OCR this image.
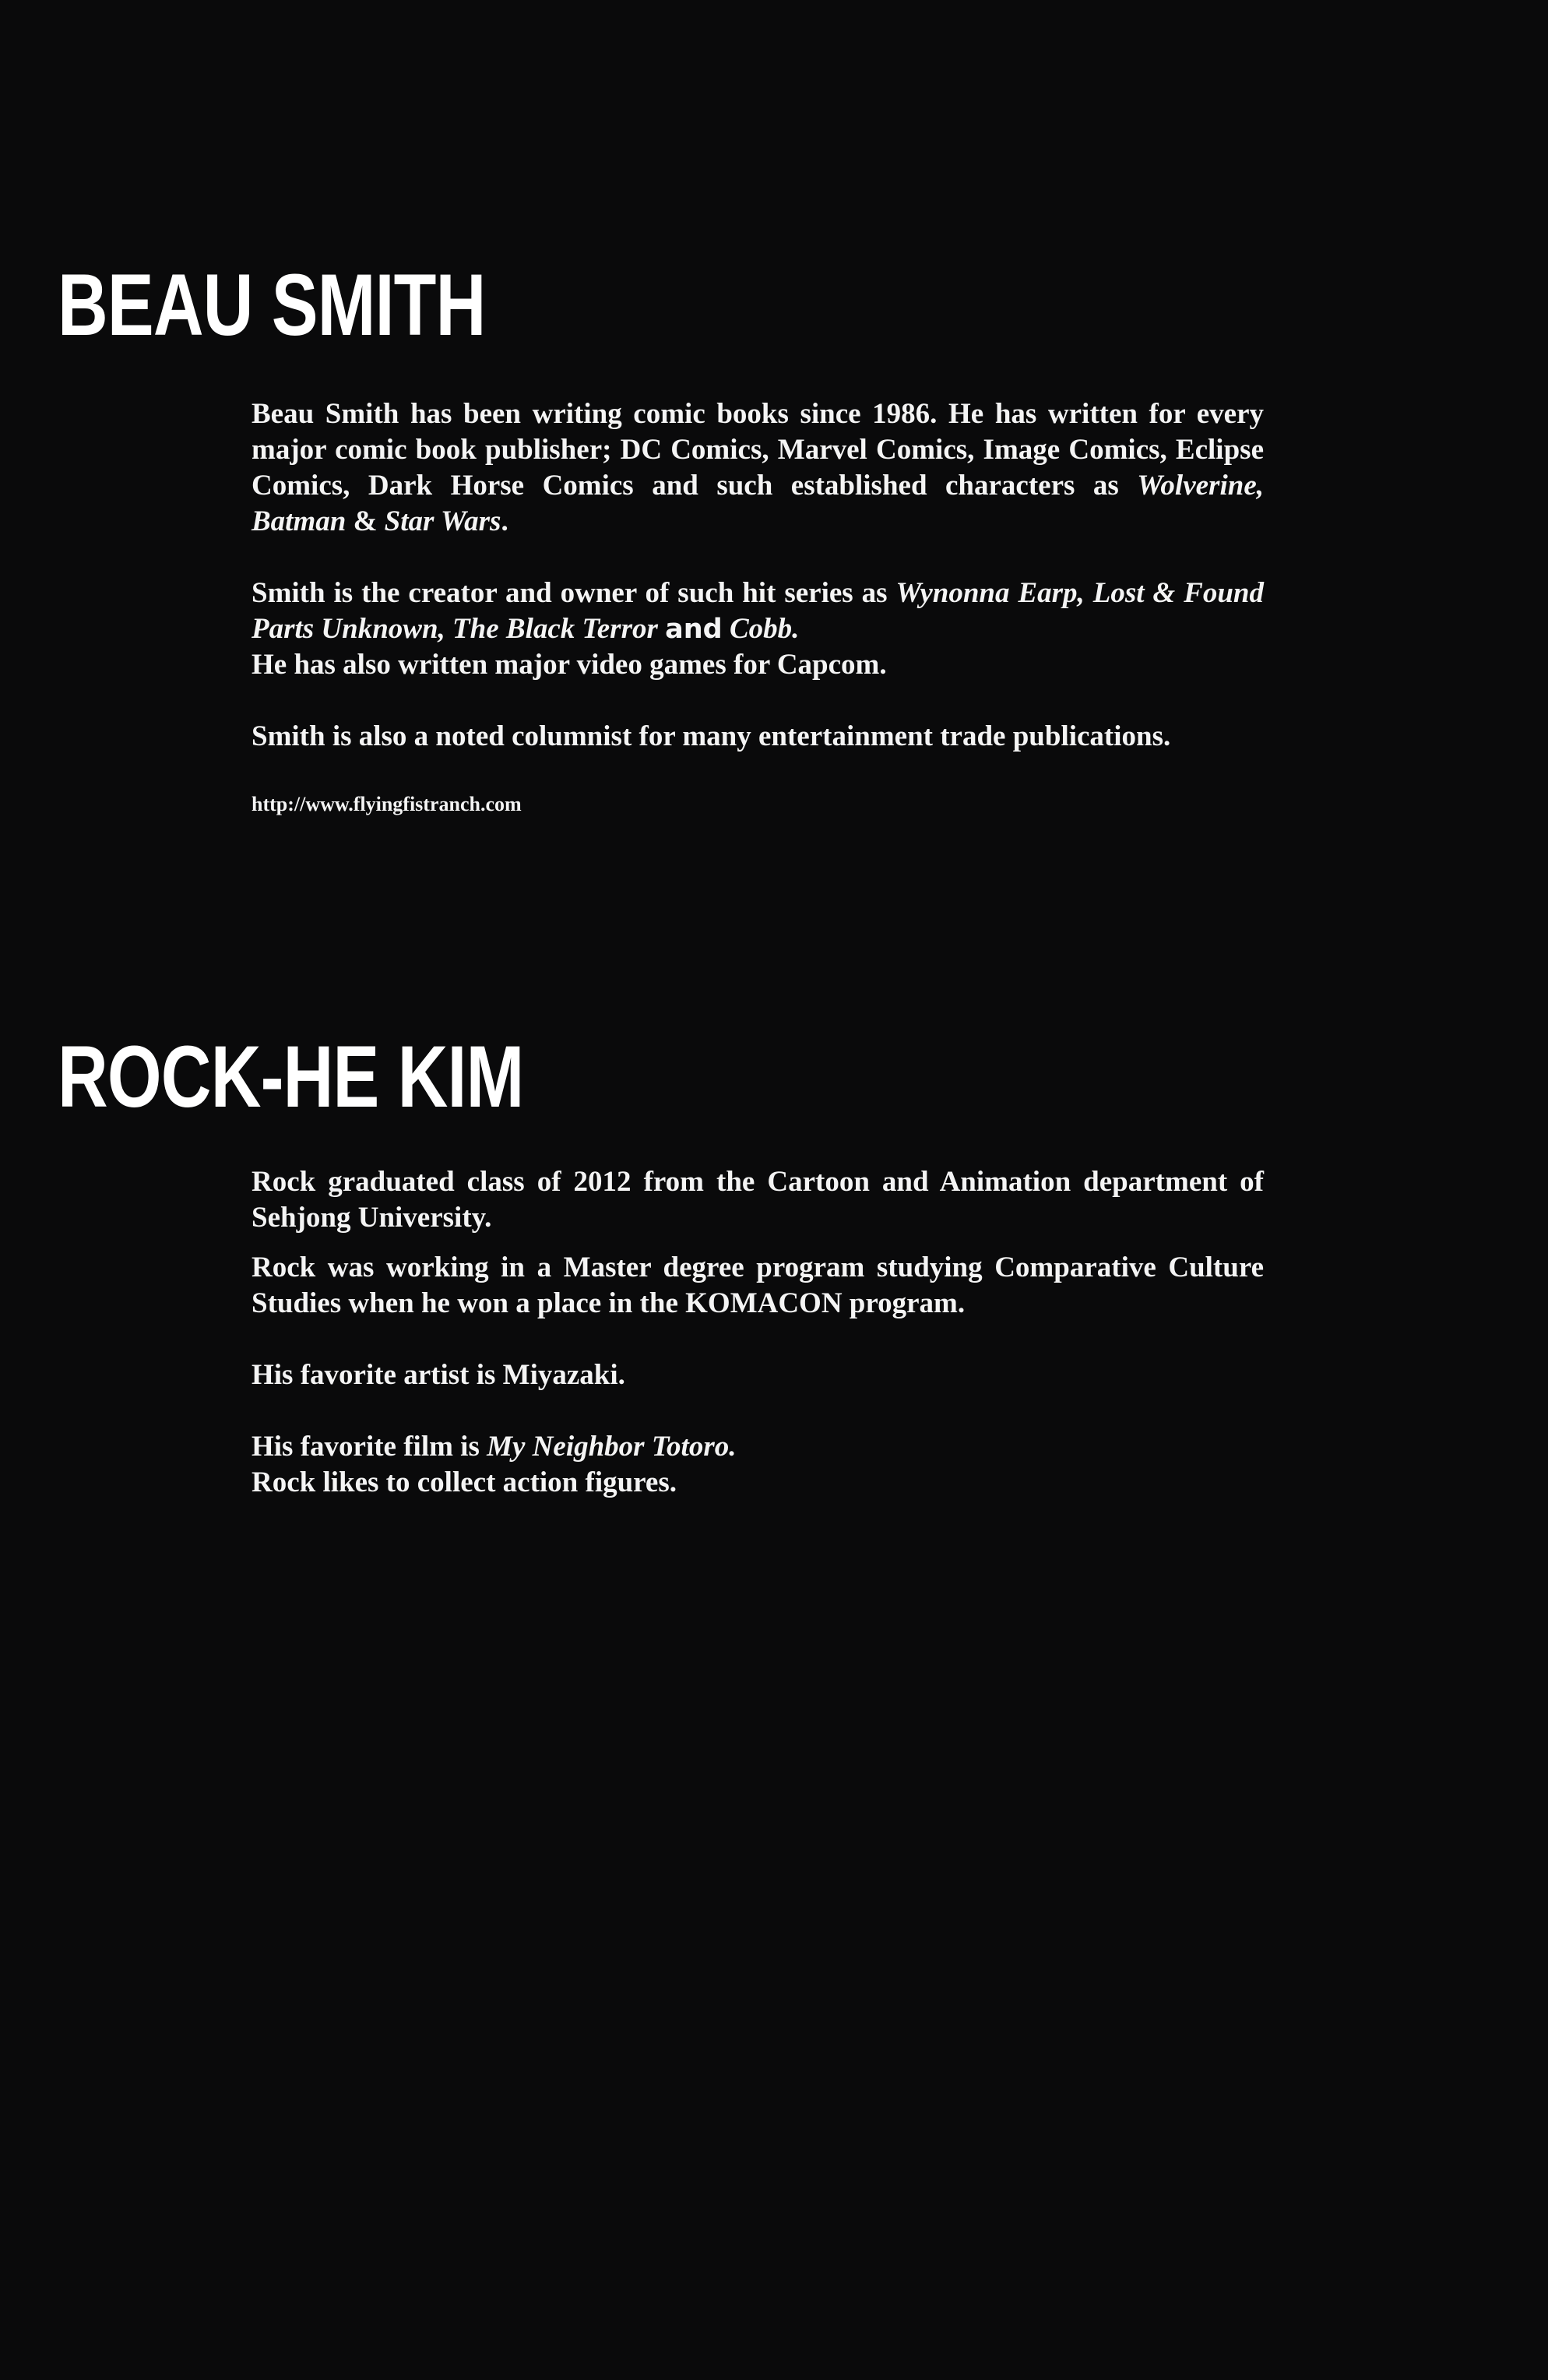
BEAU SMITH

Beau Smith has been writing comic books since 1986. He has written for every major comic book publisher; DC Comics, Marvel Comics, Image Comics, Eclipse Comics, Dark Horse Comics and such established characters as Wolverine, Batman & Star Wars.

Smith is the creator and owner of such hit series as Wynonna Earp, Lost & Found Parts Unknown, The Black Terror and Cobb.

He has also written major video games for Capcom.

Smith is also a noted columnist for many entertainment trade publications.

http://www.flyingfistranch.com

ROCK-HE KIM

Rock graduated class of 2012 from the Cartoon and Animation department of Sehjong University.

Rock was working in a Master degree program studying Comparative Culture Studies when he won a place in the KOMACON program.

His favorite artist is Miyazaki.

His favorite film is My Neighbor Totoro.

Rock likes to collect action figures.
